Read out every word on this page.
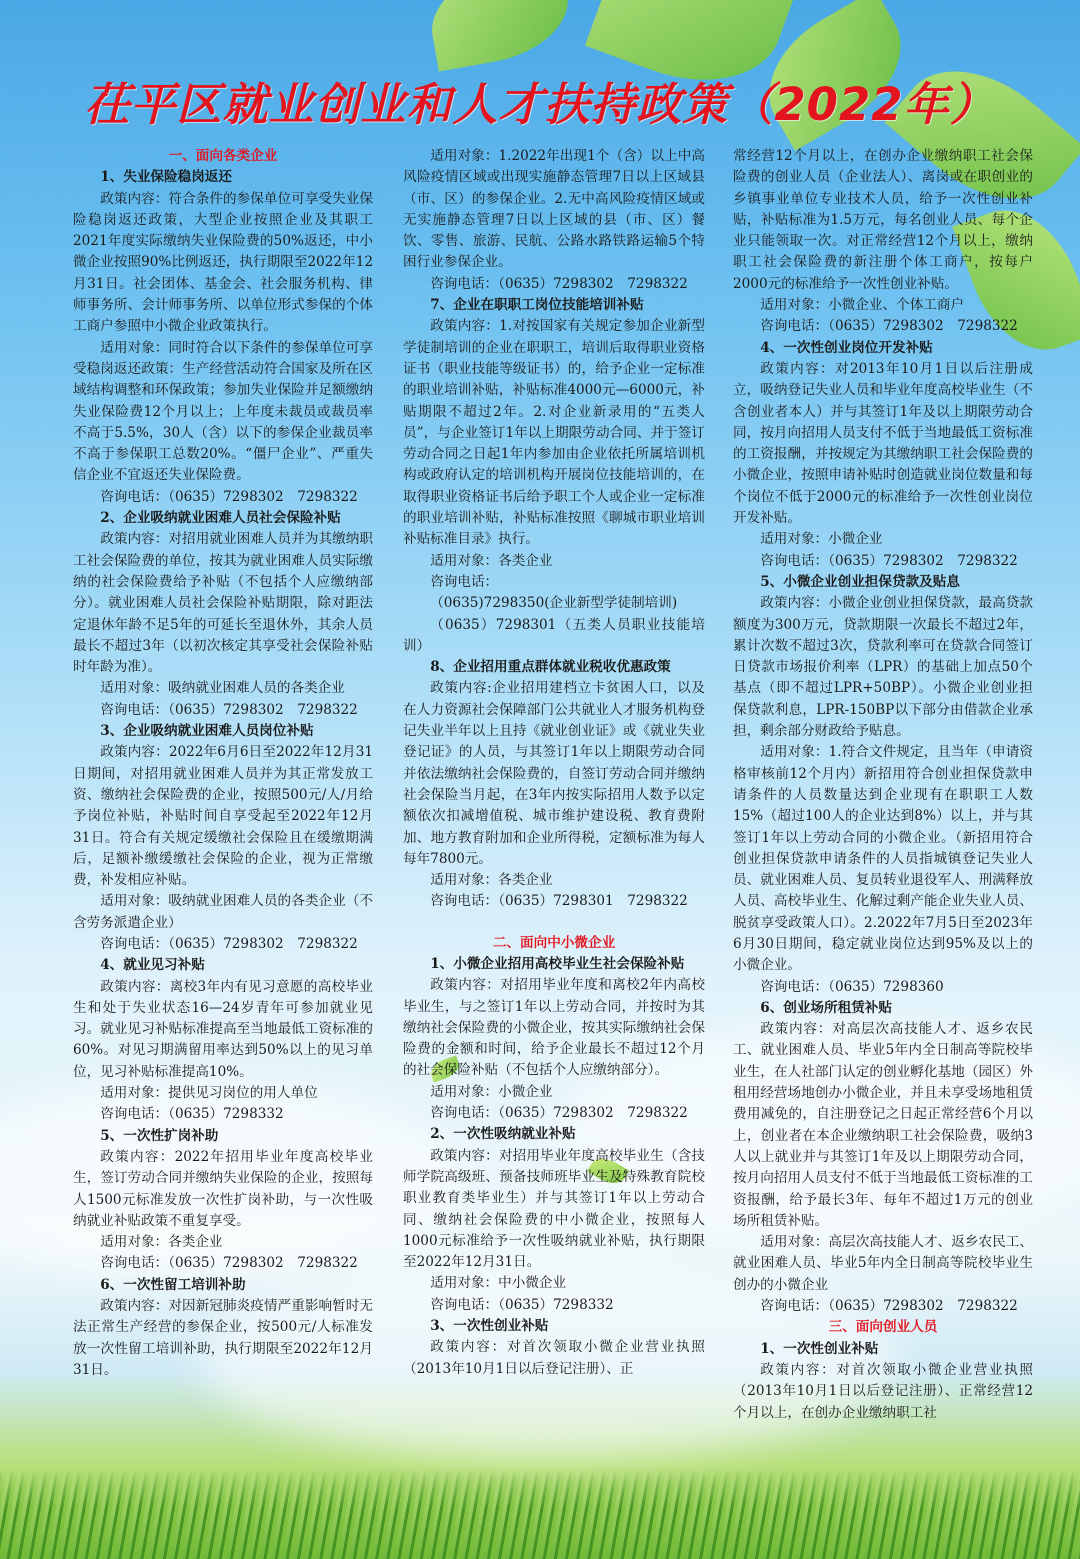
茌平区就业创业和人才扶持政策（2022年）

一、面向各类企业

1、失业保险稳岗返还

政策内容：符合条件的参保单位可享受失业保险稳岗返还政策，大型企业按照企业及其职工2021年度实际缴纳失业保险费的50%返还，中小微企业按照90%比例返还，执行期限至2022年12月31日。社会团体、基金会、社会服务机构、律师事务所、会计师事务所、以单位形式参保的个体工商户参照中小微企业政策执行。

适用对象：同时符合以下条件的参保单位可享受稳岗返还政策：生产经营活动符合国家及所在区域结构调整和环保政策；参加失业保险并足额缴纳失业保险费12个月以上；上年度未裁员或裁员率不高于5.5%，30人（含）以下的参保企业裁员率不高于参保职工总数20%。“僵尸企业”、严重失信企业不宜返还失业保险费。

咨询电话：（0635）7298302　7298322

2、企业吸纳就业困难人员社会保险补贴

政策内容：对招用就业困难人员并为其缴纳职工社会保险费的单位，按其为就业困难人员实际缴纳的社会保险费给予补贴（不包括个人应缴纳部分）。就业困难人员社会保险补贴期限，除对距法定退休年龄不足5年的可延长至退休外，其余人员最长不超过3年（以初次核定其享受社会保险补贴时年龄为准）。

适用对象：吸纳就业困难人员的各类企业

咨询电话：（0635）7298302　7298322

3、企业吸纳就业困难人员岗位补贴

政策内容：2022年6月6日至2022年12月31日期间，对招用就业困难人员并为其正常发放工资、缴纳社会保险费的企业，按照500元/人/月给予岗位补贴，补贴时间自享受起至2022年12月31日。符合有关规定缓缴社会保险且在缓缴期满后，足额补缴缓缴社会保险的企业，视为正常缴费，补发相应补贴。

适用对象：吸纳就业困难人员的各类企业（不含劳务派遣企业）

咨询电话：（0635）7298302　7298322

4、就业见习补贴

政策内容：离校3年内有见习意愿的高校毕业生和处于失业状态16—24岁青年可参加就业见习。就业见习补贴标准提高至当地最低工资标准的60%。对见习期满留用率达到50%以上的见习单位，见习补贴标准提高10%。

适用对象：提供见习岗位的用人单位

咨询电话：（0635）7298332

5、一次性扩岗补助

政策内容：2022年招用毕业年度高校毕业生，签订劳动合同并缴纳失业保险的企业，按照每人1500元标准发放一次性扩岗补助，与一次性吸纳就业补贴政策不重复享受。

适用对象：各类企业

咨询电话：（0635）7298302　7298322

6、一次性留工培训补助

政策内容：对因新冠肺炎疫情严重影响暂时无法正常生产经营的参保企业，按500元/人标准发放一次性留工培训补助，执行期限至2022年12月31日。

适用对象：1.2022年出现1个（含）以上中高风险疫情区域或出现实施静态管理7日以上区域县（市、区）的参保企业。2.无中高风险疫情区域或无实施静态管理7日以上区域的县（市、区）餐饮、零售、旅游、民航、公路水路铁路运输5个特困行业参保企业。

咨询电话：（0635）7298302　7298322

7、企业在职职工岗位技能培训补贴

政策内容：1.对按国家有关规定参加企业新型学徒制培训的企业在职职工，培训后取得职业资格证书（职业技能等级证书）的，给予企业一定标准的职业培训补贴，补贴标准4000元—6000元，补贴期限不超过2年。2.对企业新录用的“五类人员”，与企业签订1年以上期限劳动合同、并于签订劳动合同之日起1年内参加由企业依托所属培训机构或政府认定的培训机构开展岗位技能培训的，在取得职业资格证书后给予职工个人或企业一定标准的职业培训补贴，补贴标准按照《聊城市职业培训补贴标准目录》执行。

适用对象：各类企业

咨询电话：

（0635)7298350(企业新型学徒制培训)

（0635）7298301（五类人员职业技能培训）

8、企业招用重点群体就业税收优惠政策

政策内容:企业招用建档立卡贫困人口，以及在人力资源社会保障部门公共就业人才服务机构登记失业半年以上且持《就业创业证》或《就业失业登记证》的人员，与其签订1年以上期限劳动合同并依法缴纳社会保险费的，自签订劳动合同并缴纳社会保险当月起，在3年内按实际招用人数予以定额依次扣减增值税、城市维护建设税、教育费附加、地方教育附加和企业所得税，定额标准为每人每年7800元。

适用对象：各类企业

咨询电话：（0635）7298301　7298322

二、面向中小微企业

1、小微企业招用高校毕业生社会保险补贴

政策内容：对招用毕业年度和离校2年内高校毕业生，与之签订1年以上劳动合同，并按时为其缴纳社会保险费的小微企业，按其实际缴纳社会保险费的金额和时间，给予企业最长不超过12个月的社会保险补贴（不包括个人应缴纳部分）。

适用对象：小微企业

咨询电话：（0635）7298302　7298322

2、一次性吸纳就业补贴

政策内容：对招用毕业年度高校毕业生（含技师学院高级班、预备技师班毕业生及特殊教育院校职业教育类毕业生）并与其签订1年以上劳动合同、缴纳社会保险费的中小微企业，按照每人1000元标准给予一次性吸纳就业补贴，执行期限至2022年12月31日。

适用对象：中小微企业

咨询电话：（0635）7298332

3、一次性创业补贴

政策内容：对首次领取小微企业营业执照（2013年10月1日以后登记注册）、正

常经营12个月以上，在创办企业缴纳职工社会保险费的创业人员（企业法人）、离岗或在职创业的乡镇事业单位专业技术人员，给予一次性创业补贴，补贴标准为1.5万元，每名创业人员、每个企业只能领取一次。对正常经营12个月以上，缴纳职工社会保险费的新注册个体工商户，按每户2000元的标准给予一次性创业补贴。

适用对象：小微企业、个体工商户

咨询电话：（0635）7298302　7298322

4、一次性创业岗位开发补贴

政策内容：对2013年10月1日以后注册成立，吸纳登记失业人员和毕业年度高校毕业生（不含创业者本人）并与其签订1年及以上期限劳动合同，按月向招用人员支付不低于当地最低工资标准的工资报酬，并按规定为其缴纳职工社会保险费的小微企业，按照申请补贴时创造就业岗位数量和每个岗位不低于2000元的标准给予一次性创业岗位开发补贴。

适用对象：小微企业

咨询电话：（0635）7298302　7298322

5、小微企业创业担保贷款及贴息

政策内容：小微企业创业担保贷款，最高贷款额度为300万元，贷款期限一次最长不超过2年，累计次数不超过3次，贷款利率可在贷款合同签订日贷款市场报价利率（LPR）的基础上加点50个基点（即不超过LPR+50BP）。小微企业创业担保贷款利息，LPR-150BP以下部分由借款企业承担，剩余部分财政给予贴息。

适用对象：1.符合文件规定，且当年（申请资格审核前12个月内）新招用符合创业担保贷款申请条件的人员数量达到企业现有在职职工人数15%（超过100人的企业达到8%）以上，并与其签订1年以上劳动合同的小微企业。（新招用符合创业担保贷款申请条件的人员指城镇登记失业人员、就业困难人员、复员转业退役军人、刑满释放人员、高校毕业生、化解过剩产能企业失业人员、脱贫享受政策人口）。2.2022年7月5日至2023年6月30日期间，稳定就业岗位达到95%及以上的小微企业。

咨询电话：（0635）7298360

6、创业场所租赁补贴

政策内容：对高层次高技能人才、返乡农民工、就业困难人员、毕业5年内全日制高等院校毕业生，在人社部门认定的创业孵化基地（园区）外租用经营场地创办小微企业，并且未享受场地租赁费用减免的，自注册登记之日起正常经营6个月以上，创业者在本企业缴纳职工社会保险费，吸纳3人以上就业并与其签订1年及以上期限劳动合同，按月向招用人员支付不低于当地最低工资标准的工资报酬，给予最长3年、每年不超过1万元的创业场所租赁补贴。

适用对象：高层次高技能人才、返乡农民工、就业困难人员、毕业5年内全日制高等院校毕业生创办的小微企业

咨询电话：（0635）7298302　7298322

三、面向创业人员

1、一次性创业补贴

政策内容：对首次领取小微企业营业执照（2013年10月1日以后登记注册）、正常经营12个月以上，在创办企业缴纳职工社
